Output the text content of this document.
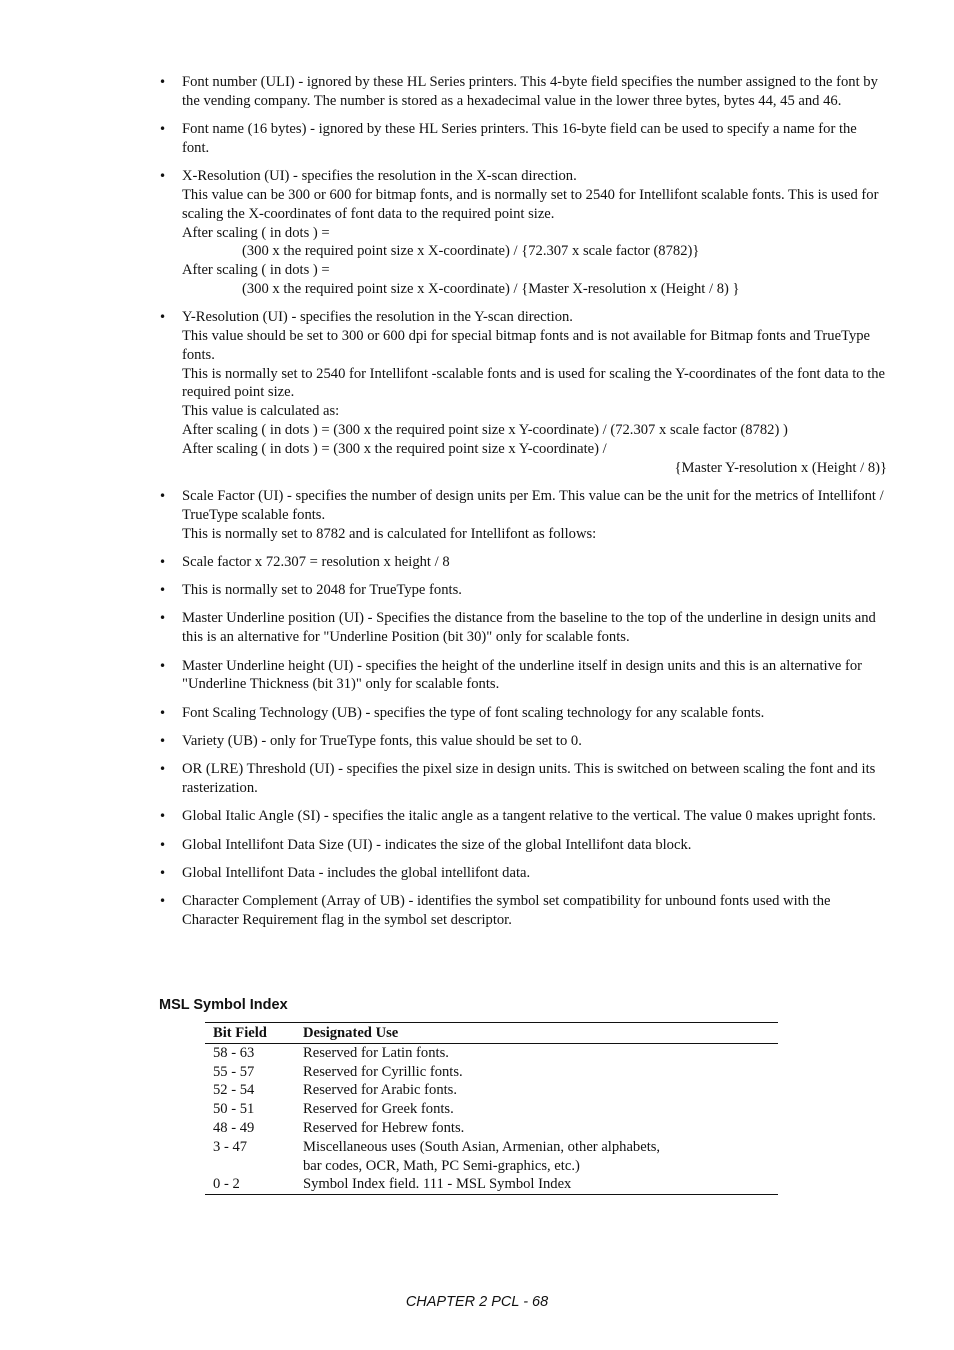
• Font number (ULI) - ignored by these HL Series printers. This 4-byte field specifies the number assigned to the font by the vending company. The number is stored as a hexadecimal value in the lower three bytes, bytes 44, 45 and 46.
• Font name (16 bytes) - ignored by these HL Series printers. This 16-byte field can be used to specify a name for the font.
• X-Resolution (UI) - specifies the resolution in the X-scan direction.
This value can be 300 or 600 for bitmap fonts, and is normally set to 2540 for Intellifont scalable fonts. This is used for scaling the X-coordinates of font data to the required point size.
After scaling ( in dots ) =
(300 x the required point size x X-coordinate) / {72.307 x scale factor (8782)}
After scaling ( in dots ) =
(300 x the required point size x X-coordinate) / {Master X-resolution x (Height / 8) }
• Y-Resolution (UI) - specifies the resolution in the Y-scan direction.
This value should be set to 300 or 600 dpi for special bitmap fonts and is not available for Bitmap fonts and TrueType fonts.
This is normally set to 2540 for Intellifont -scalable fonts and is used for scaling the Y-coordinates of the font data to the required point size.
This value is calculated as:
After scaling ( in dots ) = (300 x the required point size x Y-coordinate) / (72.307 x scale factor (8782) )
After scaling ( in dots ) = (300 x the required point size x Y-coordinate) /
{Master Y-resolution x (Height / 8)}
• Scale Factor (UI) - specifies the number of design units per Em. This value can be the unit for the metrics of Intellifont / TrueType scalable fonts.
This is normally set to 8782 and is calculated for Intellifont as follows:
• Scale factor x 72.307 = resolution x height / 8
• This is normally set to 2048 for TrueType fonts.
• Master Underline position (UI) - Specifies the distance from the baseline to the top of the underline in design units and this is an alternative for "Underline Position (bit 30)" only for scalable fonts.
• Master Underline height (UI) - specifies the height of the underline itself in design units and this is an alternative for "Underline Thickness (bit 31)" only for scalable fonts.
• Font Scaling Technology (UB) - specifies the type of font scaling technology for any scalable fonts.
• Variety (UB) - only for TrueType fonts, this value should be set to 0.
• OR (LRE) Threshold (UI) - specifies the pixel size in design units. This is switched on between scaling the font and its rasterization.
• Global Italic Angle (SI) - specifies the italic angle as a tangent relative to the vertical. The value 0 makes upright fonts.
• Global Intellifont Data Size (UI) - indicates the size of the global Intellifont data block.
• Global Intellifont Data - includes the global intellifont data.
• Character Complement (Array of UB) - identifies the symbol set compatibility for unbound fonts used with the Character Requirement flag in the symbol set descriptor.
MSL Symbol Index
Bit Field	Designated Use
58 - 63	Reserved for Latin fonts.
55 - 57	Reserved for Cyrillic fonts.
52 - 54	Reserved for Arabic fonts.
50 - 51	Reserved for Greek fonts.
48 - 49	Reserved for Hebrew fonts.
3 - 47	Miscellaneous uses (South Asian, Armenian, other alphabets,
	bar codes, OCR, Math, PC Semi-graphics, etc.)
0 - 2	Symbol Index field. 111 - MSL Symbol Index
CHAPTER 2 PCL - 68
